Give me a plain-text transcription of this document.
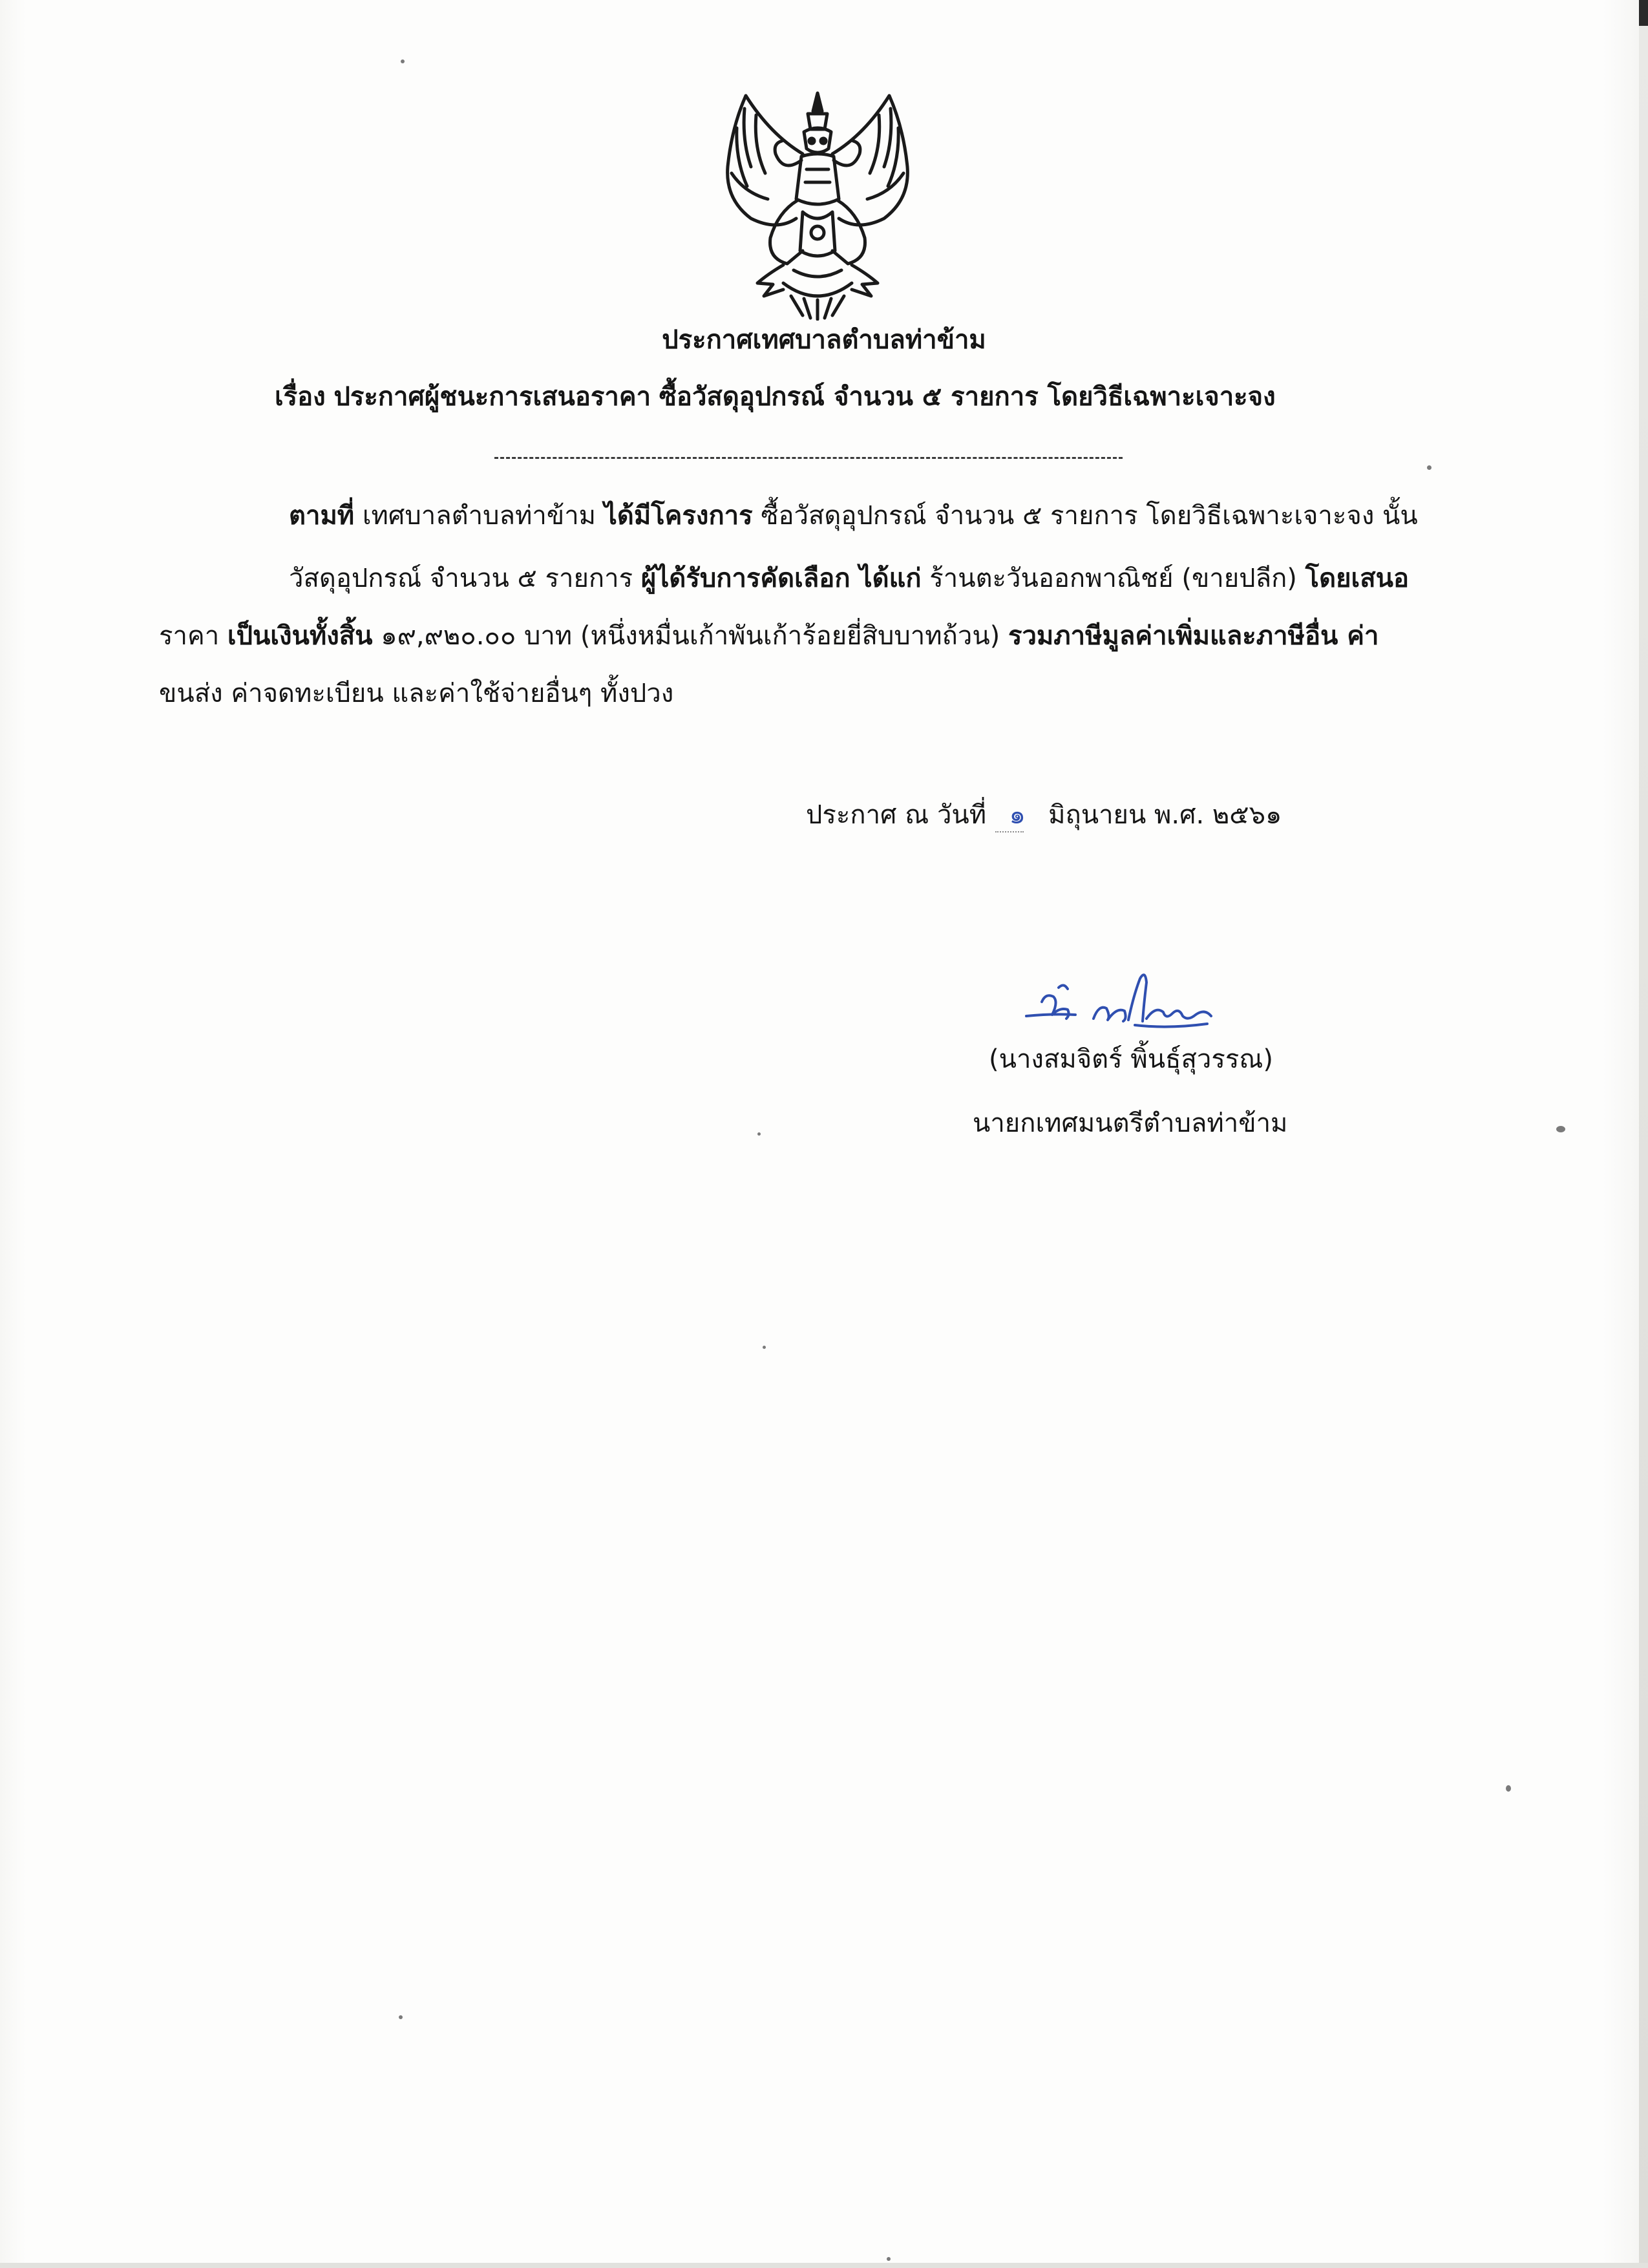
ประกาศเทศบาลตำบลท่าข้าม
เรื่อง ประกาศผู้ชนะการเสนอราคา ซื้อวัสดุอุปกรณ์ จำนวน ๕ รายการ โดยวิธีเฉพาะเจาะจง
ตามที่ เทศบาลตำบลท่าข้าม ได้มีโครงการ ซื้อวัสดุอุปกรณ์ จำนวน ๕ รายการ โดยวิธีเฉพาะเจาะจง นั้น
วัสดุอุปกรณ์ จำนวน ๕ รายการ ผู้ได้รับการคัดเลือก ได้แก่ ร้านตะวันออกพาณิชย์ (ขายปลีก) โดยเสนอ
ราคา เป็นเงินทั้งสิ้น ๑๙,๙๒๐.๐๐ บาท (หนึ่งหมื่นเก้าพันเก้าร้อยยี่สิบบาทถ้วน) รวมภาษีมูลค่าเพิ่มและภาษีอื่น ค่า
ขนส่ง ค่าจดทะเบียน และค่าใช้จ่ายอื่นๆ ทั้งปวง
ประกาศ ณ วันที่ ๑ มิถุนายน พ.ศ. ๒๕๖๑
(นางสมจิตร์ พิ้นธุ์สุวรรณ)
นายกเทศมนตรีตำบลท่าข้าม
